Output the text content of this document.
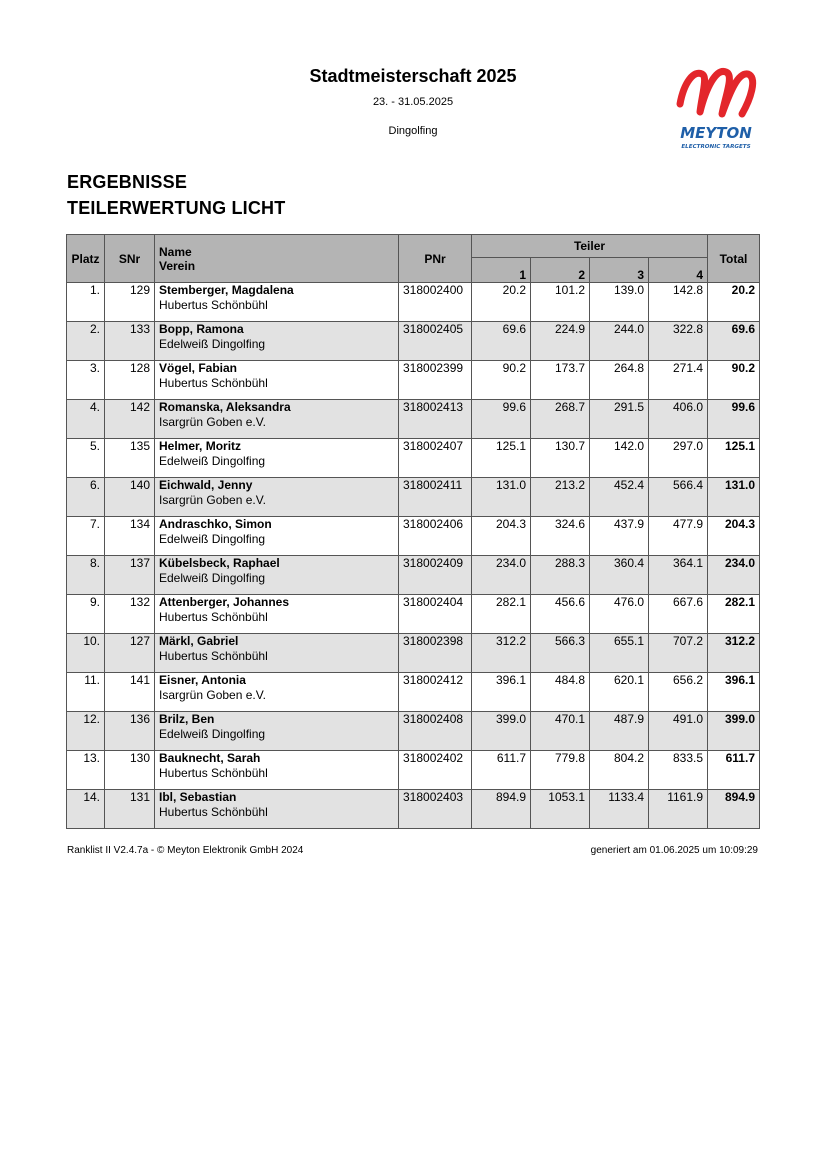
Stadtmeisterschaft 2025
23. - 31.05.2025
Dingolfing	MEYTON
ELECTRONIC TARGETS
ERGEBNISSE
TEILERWERTUNG LICHT
Platz	SNr	Name
Verein	PNr	Teiler				Total
				1	2	3	4	
1.	129	Stemberger, Magdalena
Hubertus Schönbühl	318002400	20.2	101.2	139.0	142.8	20.2
2.	133	Bopp, Ramona
Edelweiß Dingolfing	318002405	69.6	224.9	244.0	322.8	69.6
3.	128	Vögel, Fabian
Hubertus Schönbühl	318002399	90.2	173.7	264.8	271.4	90.2
4.	142	Romanska, Aleksandra
Isargrün Goben e.V.	318002413	99.6	268.7	291.5	406.0	99.6
5.	135	Helmer, Moritz
Edelweiß Dingolfing	318002407	125.1	130.7	142.0	297.0	125.1
6.	140	Eichwald, Jenny
Isargrün Goben e.V.	318002411	131.0	213.2	452.4	566.4	131.0
7.	134	Andraschko, Simon
Edelweiß Dingolfing	318002406	204.3	324.6	437.9	477.9	204.3
8.	137	Kübelsbeck, Raphael
Edelweiß Dingolfing	318002409	234.0	288.3	360.4	364.1	234.0
9.	132	Attenberger, Johannes
Hubertus Schönbühl	318002404	282.1	456.6	476.0	667.6	282.1
10.	127	Märkl, Gabriel
Hubertus Schönbühl	318002398	312.2	566.3	655.1	707.2	312.2
11.	141	Eisner, Antonia
Isargrün Goben e.V.	318002412	396.1	484.8	620.1	656.2	396.1
12.	136	Brilz, Ben
Edelweiß Dingolfing	318002408	399.0	470.1	487.9	491.0	399.0
13.	130	Bauknecht, Sarah
Hubertus Schönbühl	318002402	611.7	779.8	804.2	833.5	611.7
14.	131	Ibl, Sebastian
Hubertus Schönbühl	318002403	894.9	1053.1	1133.4	1161.9	894.9
Ranklist II V2.4.7a - © Meyton Elektronik GmbH 2024	generiert am 01.06.2025 um 10:09:29
